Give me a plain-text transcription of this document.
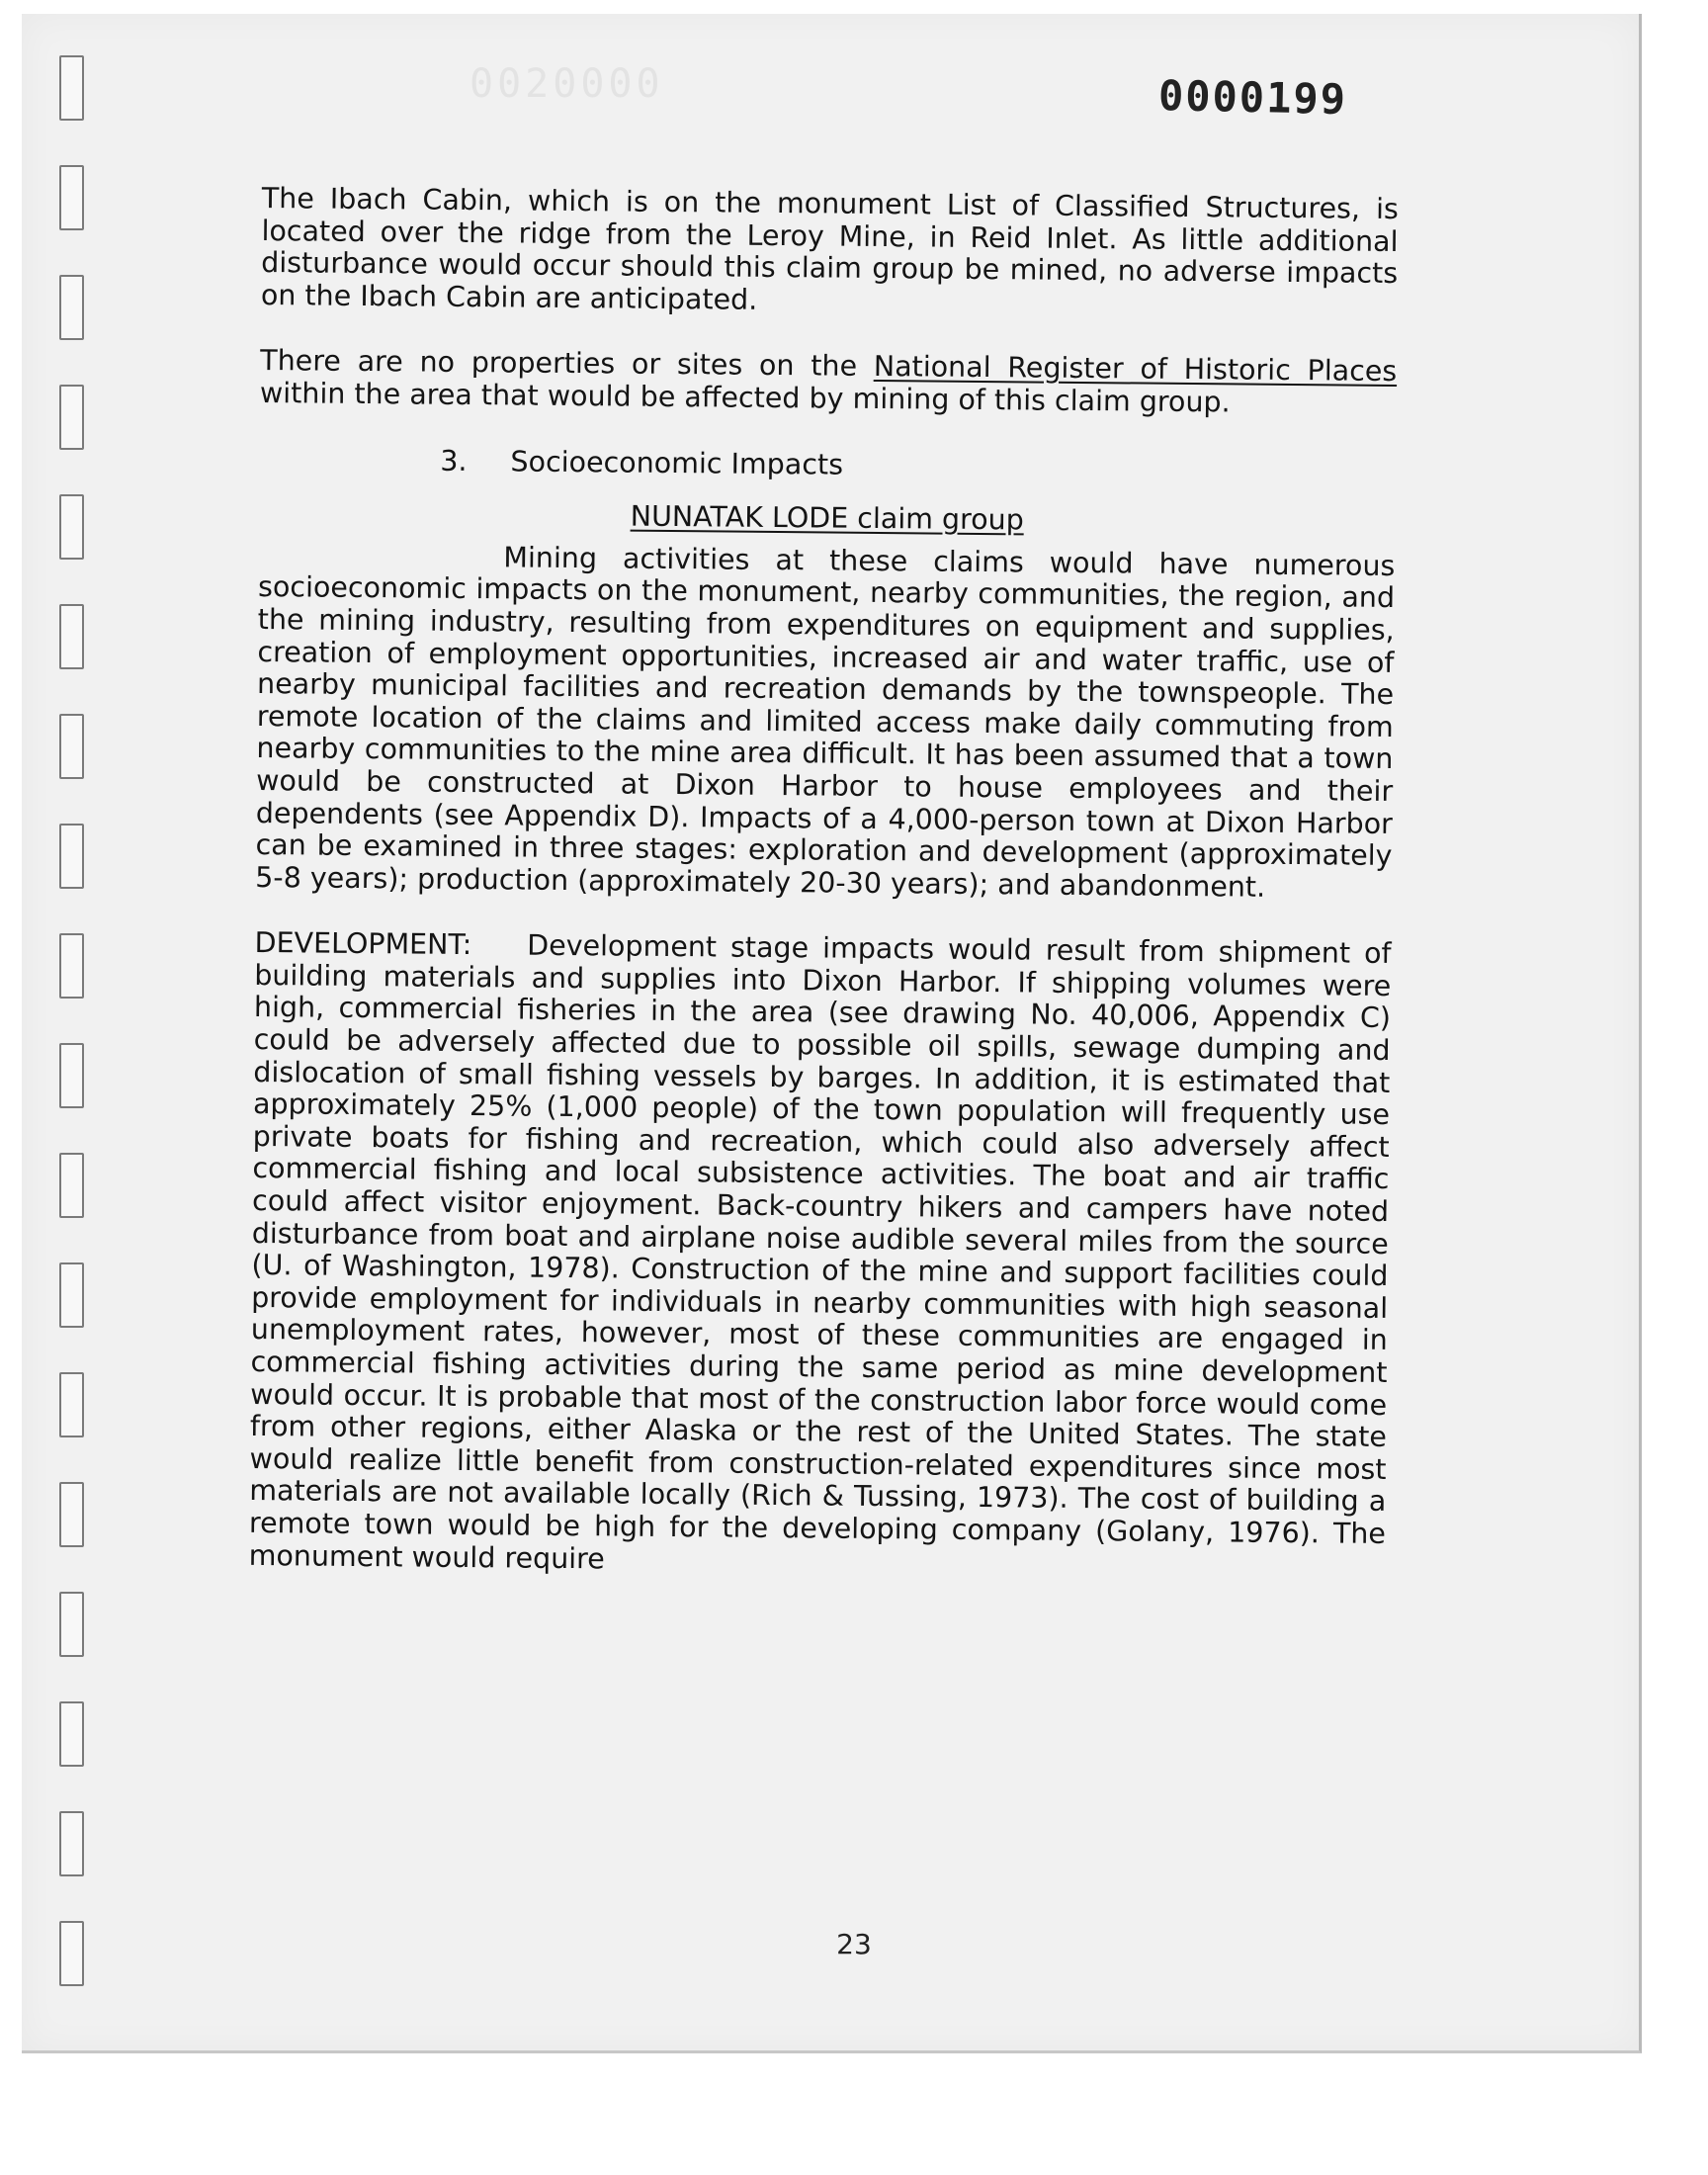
0020000	0000199

The Ibach Cabin, which is on the monument List of Classified Structures, is located over the ridge from the Leroy Mine, in Reid Inlet. As little additional disturbance would occur should this claim group be mined, no adverse impacts on the Ibach Cabin are anticipated.

There are no properties or sites on the National Register of Historic Places within the area that would be affected by mining of this claim group.

3. Socioeconomic Impacts
NUNATAK LODE claim group

Mining activities at these claims would have numerous socioeconomic impacts on the monument, nearby communities, the region, and the mining industry, resulting from expenditures on equipment and supplies, creation of employment opportunities, increased air and water traffic, use of nearby municipal facilities and recreation demands by the townspeople. The remote location of the claims and limited access make daily commuting from nearby communities to the mine area difficult. It has been assumed that a town would be constructed at Dixon Harbor to house employees and their dependents (see Appendix D). Impacts of a 4,000-person town at Dixon Harbor can be examined in three stages: exploration and development (approximately 5-8 years); production (approximately 20-30 years); and abandonment.

DEVELOPMENT: Development stage impacts would result from shipment of building materials and supplies into Dixon Harbor. If shipping volumes were high, commercial fisheries in the area (see drawing No. 40,006, Appendix C) could be adversely affected due to possible oil spills, sewage dumping and dislocation of small fishing vessels by barges. In addition, it is estimated that approximately 25% (1,000 people) of the town population will frequently use private boats for fishing and recreation, which could also adversely affect commercial fishing and local subsistence activities. The boat and air traffic could affect visitor enjoyment. Back-country hikers and campers have noted disturbance from boat and airplane noise audible several miles from the source (U. of Washington, 1978). Construction of the mine and support facilities could provide employment for individuals in nearby communities with high seasonal unemployment rates, however, most of these communities are engaged in commercial fishing activities during the same period as mine development would occur. It is probable that most of the construction labor force would come from other regions, either Alaska or the rest of the United States. The state would realize little benefit from construction-related expenditures since most materials are not available locally (Rich & Tussing, 1973). The cost of building a remote town would be high for the developing company (Golany, 1976). The monument would require

23
